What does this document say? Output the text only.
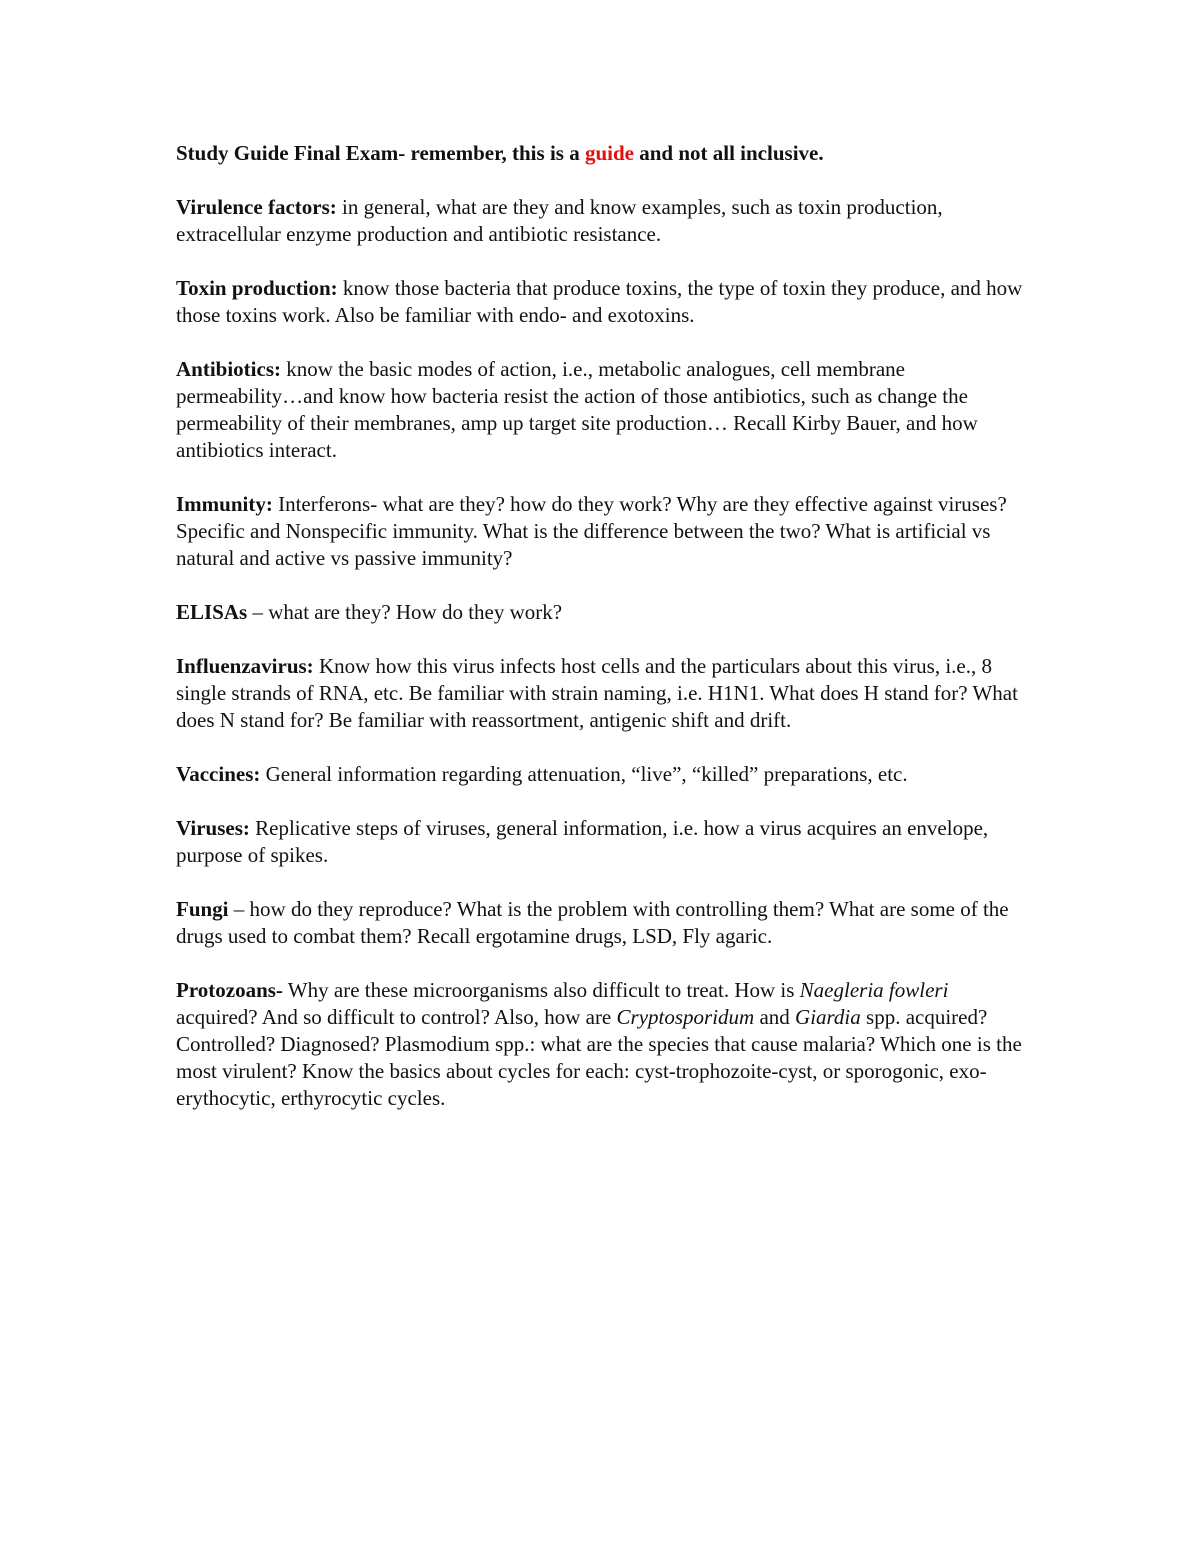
Study Guide Final Exam- remember, this is a guide and not all inclusive.

Virulence factors: in general, what are they and know examples, such as toxin production, extracellular enzyme production and antibiotic resistance.

Toxin production: know those bacteria that produce toxins, the type of toxin they produce, and how those toxins work. Also be familiar with endo- and exotoxins.

Antibiotics: know the basic modes of action, i.e., metabolic analogues, cell membrane permeability…and know how bacteria resist the action of those antibiotics, such as change the permeability of their membranes, amp up target site production… Recall Kirby Bauer, and how antibiotics interact.

Immunity: Interferons- what are they? how do they work? Why are they effective against viruses? Specific and Nonspecific immunity. What is the difference between the two? What is artificial vs natural and active vs passive immunity?

ELISAs – what are they? How do they work?

Influenzavirus: Know how this virus infects host cells and the particulars about this virus, i.e., 8 single strands of RNA, etc. Be familiar with strain naming, i.e. H1N1. What does H stand for? What does N stand for? Be familiar with reassortment, antigenic shift and drift.

Vaccines: General information regarding attenuation, “live”, “killed” preparations, etc.

Viruses: Replicative steps of viruses, general information, i.e. how a virus acquires an envelope, purpose of spikes.

Fungi – how do they reproduce? What is the problem with controlling them? What are some of the drugs used to combat them? Recall ergotamine drugs, LSD, Fly agaric.

Protozoans- Why are these microorganisms also difficult to treat. How is Naegleria fowleri acquired? And so difficult to control? Also, how are Cryptosporidum and Giardia spp. acquired? Controlled? Diagnosed? Plasmodium spp.: what are the species that cause malaria? Which one is the most virulent? Know the basics about cycles for each: cyst-trophozoite-cyst, or sporogonic, exo-erythocytic, erthyrocytic cycles.
